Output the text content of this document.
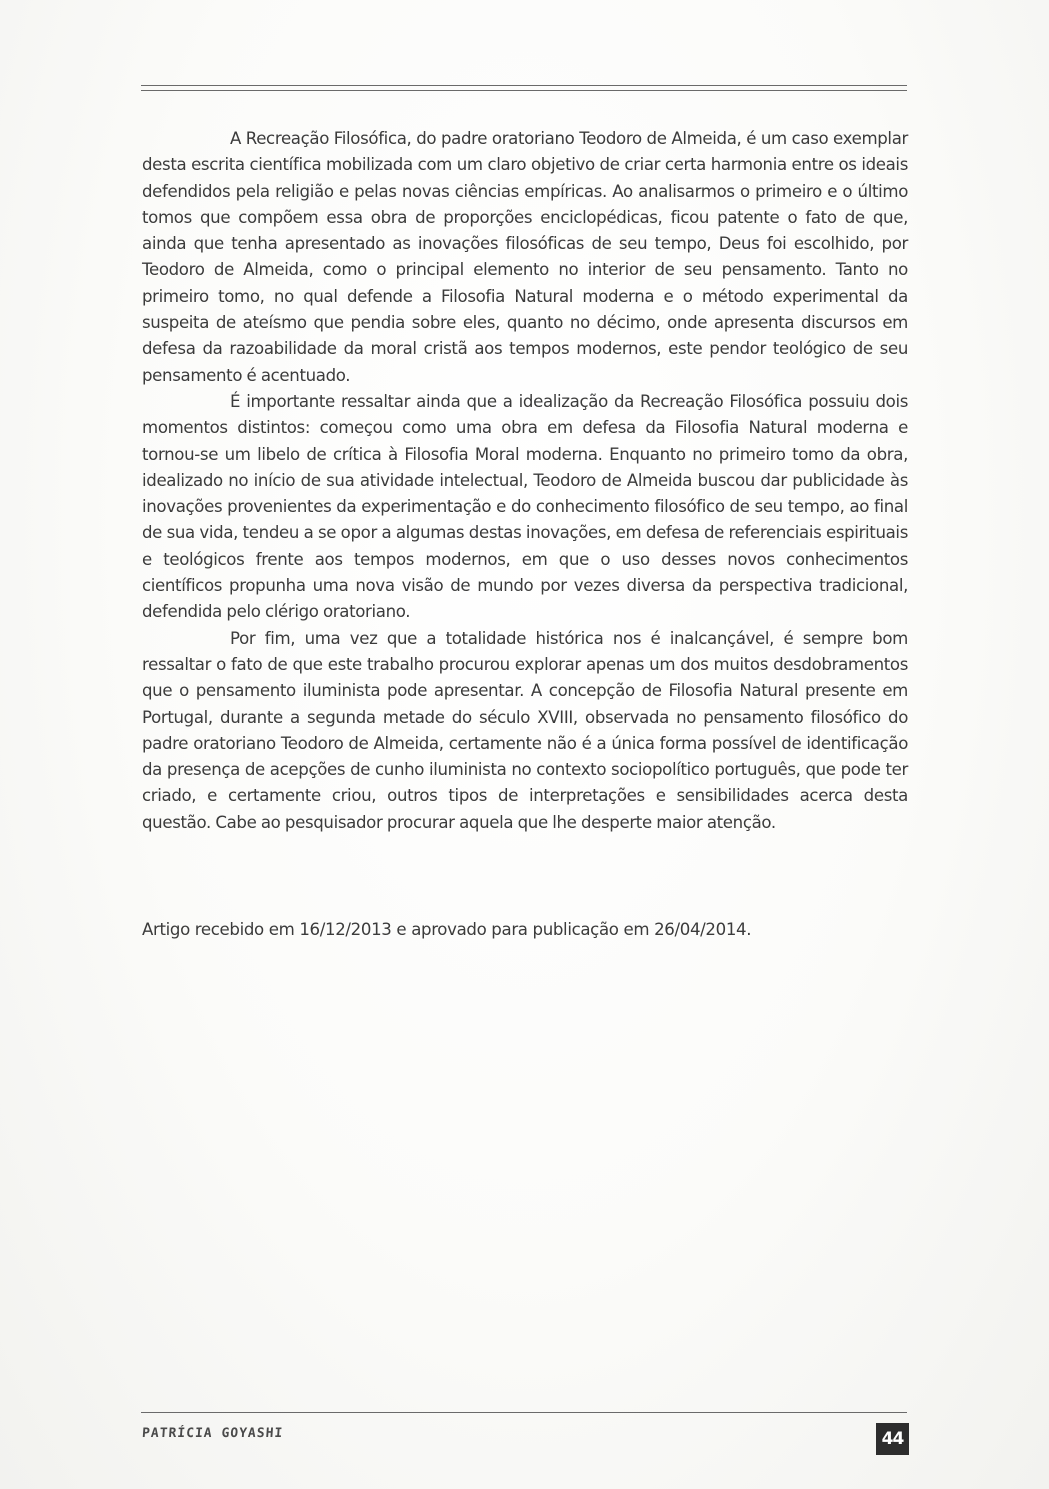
A Recreação Filosófica, do padre oratoriano Teodoro de Almeida, é um caso exemplar desta escrita científica mobilizada com um claro objetivo de criar certa harmonia entre os ideais defendidos pela religião e pelas novas ciências empíricas. Ao analisarmos o primeiro e o último tomos que compõem essa obra de proporções enciclopédicas, ficou patente o fato de que, ainda que tenha apresentado as inovações filosóficas de seu tempo, Deus foi escolhido, por Teodoro de Almeida, como o principal elemento no interior de seu pensamento. Tanto no primeiro tomo, no qual defende a Filosofia Natural moderna e o método experimental da suspeita de ateísmo que pendia sobre eles, quanto no décimo, onde apresenta discursos em defesa da razoabilidade da moral cristã aos tempos modernos, este pendor teológico de seu pensamento é acentuado.

É importante ressaltar ainda que a idealização da Recreação Filosófica possuiu dois momentos distintos: começou como uma obra em defesa da Filosofia Natural moderna e tornou-se um libelo de crítica à Filosofia Moral moderna. Enquanto no primeiro tomo da obra, idealizado no início de sua atividade intelectual, Teodoro de Almeida buscou dar publicidade às inovações provenientes da experimentação e do conhecimento filosófico de seu tempo, ao final de sua vida, tendeu a se opor a algumas destas inovações, em defesa de referenciais espirituais e teológicos frente aos tempos modernos, em que o uso desses novos conhecimentos científicos propunha uma nova visão de mundo por vezes diversa da perspectiva tradicional, defendida pelo clérigo oratoriano.

Por fim, uma vez que a totalidade histórica nos é inalcançável, é sempre bom ressaltar o fato de que este trabalho procurou explorar apenas um dos muitos desdobramentos que o pensamento iluminista pode apresentar. A concepção de Filosofia Natural presente em Portugal, durante a segunda metade do século XVIII, observada no pensamento filosófico do padre oratoriano Teodoro de Almeida, certamente não é a única forma possível de identificação da presença de acepções de cunho iluminista no contexto sociopolítico português, que pode ter criado, e certamente criou, outros tipos de interpretações e sensibilidades acerca desta questão. Cabe ao pesquisador procurar aquela que lhe desperte maior atenção.

Artigo recebido em 16/12/2013 e aprovado para publicação em 26/04/2014.

PATRÍCIA GOYASHI	44
